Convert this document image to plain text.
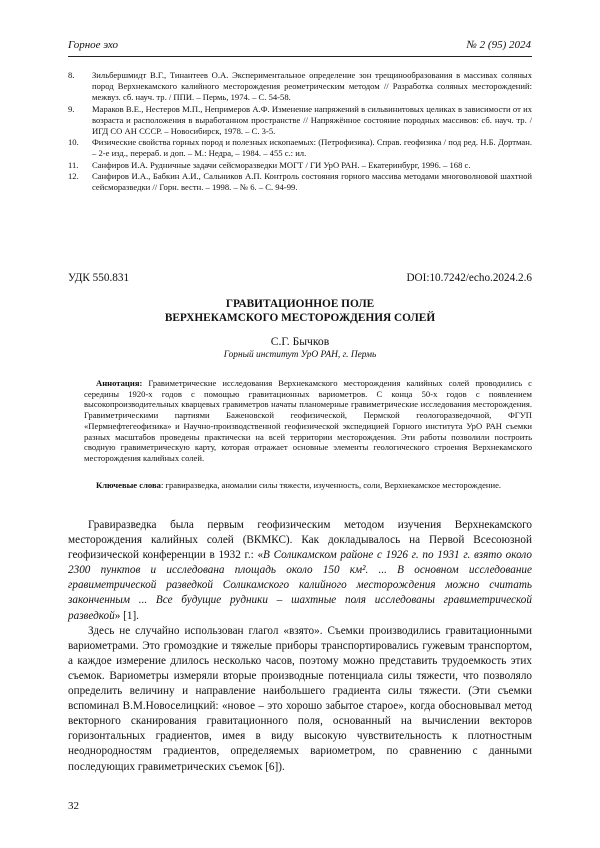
Горное эхо	№ 2 (95) 2024
8.	Зильбершмидт В.Г., Тинантеев О.А. Экспериментальное определение зон трещинообразования в массивах соляных пород Верхнекамского калийного месторождения реометрическим методом // Разработка соляных месторождений: межвуз. сб. науч. тр. / ППИ. – Пермь, 1974. – С. 54-58.
9.	Мараков В.Е., Нестеров М.П., Непримеров А.Ф. Изменение напряжений в сильвинитовых целиках в зависимости от их возраста и расположения в выработанном пространстве // Напряжённое состояние породных массивов: сб. науч. тр. / ИГД СО АН СССР. – Новосибирск, 1978. – С. 3-5.
10.	Физические свойства горных пород и полезных ископаемых: (Петрофизика). Справ. геофизика / под ред. Н.Б. Дортман. – 2-е изд., перераб. и доп. – М.: Недра, – 1984. – 455 с.: ил.
11.	Санфиров И.А. Рудничные задачи сейсморазведки МОГТ / ГИ УрО РАН. – Екатеринбург, 1996. – 168 с.
12.	Санфиров И.А., Бабкин А.И., Сальников А.П. Контроль состояния горного массива методами многоволновой шахтной сейсморазведки // Горн. вестн. – 1998. – № 6. – С. 94-99.
УДК 550.831	DOI:10.7242/echo.2024.2.6
ГРАВИТАЦИОННОЕ ПОЛЕ
ВЕРХНЕКАМСКОГО МЕСТОРОЖДЕНИЯ СОЛЕЙ
С.Г. Бычков
Горный институт УрО РАН, г. Пермь
Аннотация: Гравиметрические исследования Верхнекамского месторождения калийных солей проводились с середины 1920-х годов с помощью гравитационных вариометров. С конца 50-х годов с появлением высокопроизводительных кварцевых гравиметров начаты планомерные гравиметрические исследования месторождения. Гравиметрическими партиями Баженовской геофизической, Пермской геологоразведочной, ФГУП «Пермнефтегеофизика» и Научно-производственной геофизической экспедицией Горного института УрО РАН съемки разных масштабов проведены практически на всей территории месторождения. Эти работы позволили построить сводную гравиметрическую карту, которая отражает основные элементы геологического строения Верхнекамского месторождения калийных солей.
Ключевые слова: гравиразведка, аномалии силы тяжести, изученность, соли, Верхнекамское месторождение.

Гравиразведка была первым геофизическим методом изучения Верхнекамского месторождения калийных солей (ВКМКС). Как докладывалось на Первой Всесоюзной геофизической конференции в 1932 г.: «В Соликамском районе с 1926 г. по 1931 г. взято около 2300 пунктов и исследована площадь около 150 км². ... В основном исследование гравиметрической разведкой Соликамского калийного месторождения можно считать законченным ... Все будущие рудники – шахтные поля исследованы гравиметрической разведкой» [1].

Здесь не случайно использован глагол «взято». Съемки производились гравитационными вариометрами. Это громоздкие и тяжелые приборы транспортировались гужевым транспортом, а каждое измерение длилось несколько часов, поэтому можно представить трудоемкость этих съемок. Вариометры измеряли вторые производные потенциала силы тяжести, что позволяло определить величину и направление наибольшего градиента силы тяжести. (Эти съемки вспоминал В.М.Новоселицкий: «новое – это хорошо забытое старое», когда обосновывал метод векторного сканирования гравитационного поля, основанный на вычислении векторов горизонтальных градиентов, имея в виду высокую чувствительность к плотностным неоднородностям градиентов, определяемых вариометром, по сравнению с данными последующих гравиметрических съемок [6]).

32
